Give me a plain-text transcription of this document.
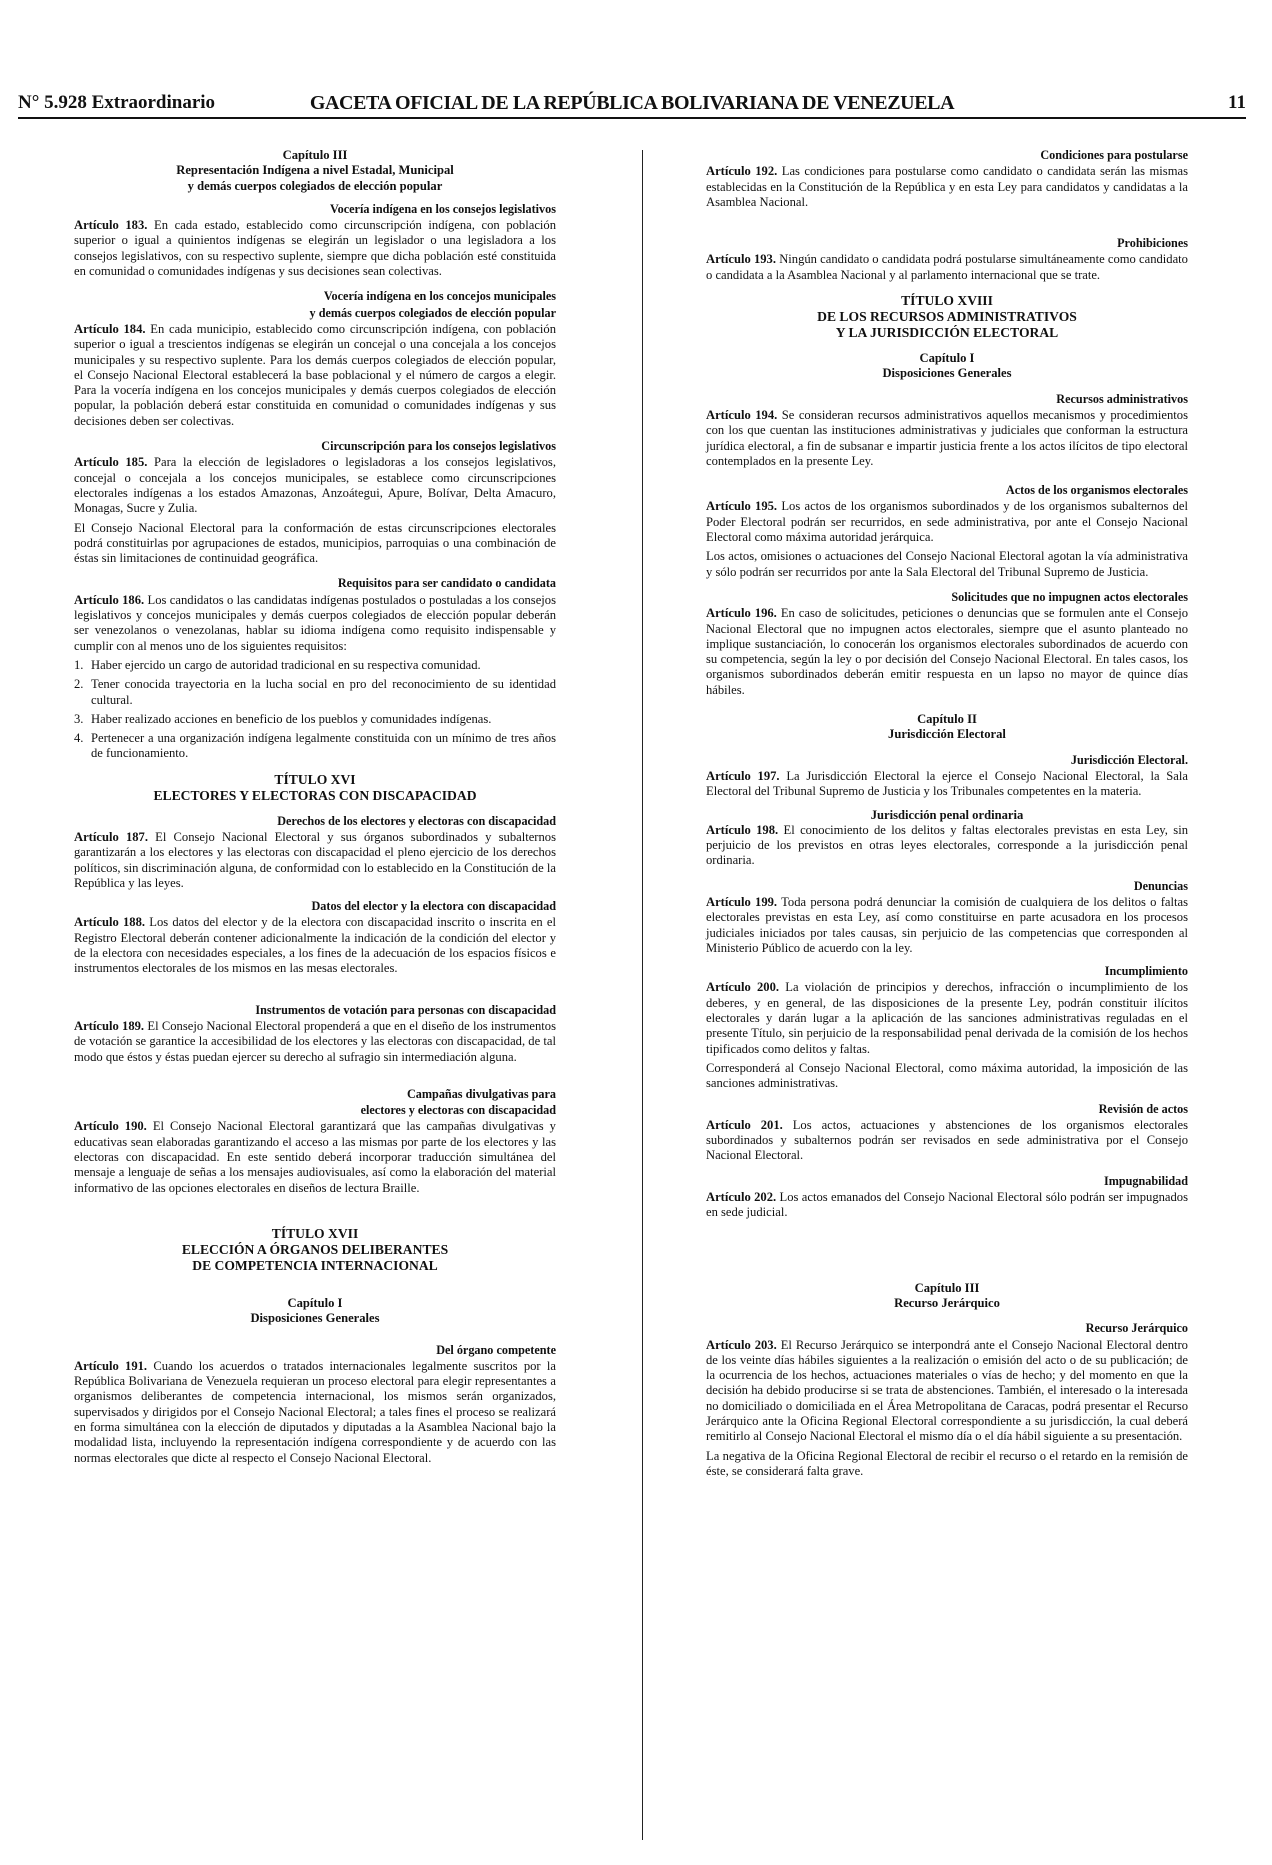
N° 5.928 Extraordinario	GACETA OFICIAL DE LA REPÚBLICA BOLIVARIANA DE VENEZUELA	11
Capítulo III
Representación Indígena a nivel Estadal, Municipal
y demás cuerpos colegiados de elección popular
Vocería indígena en los consejos legislativos
Artículo 183. En cada estado, establecido como circunscripción indígena, con población superior o igual a quinientos indígenas se elegirán un legislador o una legisladora a los consejos legislativos, con su respectivo suplente, siempre que dicha población esté constituida en comunidad o comunidades indígenas y sus decisiones sean colectivas.
Vocería indígena en los concejos municipales
y demás cuerpos colegiados de elección popular
Artículo 184. En cada municipio, establecido como circunscripción indígena, con población superior o igual a trescientos indígenas se elegirán un concejal o una concejala a los concejos municipales y su respectivo suplente. Para los demás cuerpos colegiados de elección popular, el Consejo Nacional Electoral establecerá la base poblacional y el número de cargos a elegir. Para la vocería indígena en los concejos municipales y demás cuerpos colegiados de elección popular, la población deberá estar constituida en comunidad o comunidades indígenas y sus decisiones deben ser colectivas.
Circunscripción para los consejos legislativos
Artículo 185. Para la elección de legisladores o legisladoras a los consejos legislativos, concejal o concejala a los concejos municipales, se establece como circunscripciones electorales indígenas a los estados Amazonas, Anzoátegui, Apure, Bolívar, Delta Amacuro, Monagas, Sucre y Zulia.
El Consejo Nacional Electoral para la conformación de estas circunscripciones electorales podrá constituirlas por agrupaciones de estados, municipios, parroquias o una combinación de éstas sin limitaciones de continuidad geográfica.
Requisitos para ser candidato o candidata
Artículo 186. Los candidatos o las candidatas indígenas postulados o postuladas a los consejos legislativos y concejos municipales y demás cuerpos colegiados de elección popular deberán ser venezolanos o venezolanas, hablar su idioma indígena como requisito indispensable y cumplir con al menos uno de los siguientes requisitos:
1. Haber ejercido un cargo de autoridad tradicional en su respectiva comunidad.
2. Tener conocida trayectoria en la lucha social en pro del reconocimiento de su identidad cultural.
3. Haber realizado acciones en beneficio de los pueblos y comunidades indígenas.
4. Pertenecer a una organización indígena legalmente constituida con un mínimo de tres años de funcionamiento.
TÍTULO XVI
ELECTORES Y ELECTORAS CON DISCAPACIDAD
Derechos de los electores y electoras con discapacidad
Artículo 187. El Consejo Nacional Electoral y sus órganos subordinados y subalternos garantizarán a los electores y las electoras con discapacidad el pleno ejercicio de los derechos políticos, sin discriminación alguna, de conformidad con lo establecido en la Constitución de la República y las leyes.
Datos del elector y la electora con discapacidad
Artículo 188. Los datos del elector y de la electora con discapacidad inscrito o inscrita en el Registro Electoral deberán contener adicionalmente la indicación de la condición del elector y de la electora con necesidades especiales, a los fines de la adecuación de los espacios físicos e instrumentos electorales de los mismos en las mesas electorales.
Instrumentos de votación para personas con discapacidad
Artículo 189. El Consejo Nacional Electoral propenderá a que en el diseño de los instrumentos de votación se garantice la accesibilidad de los electores y las electoras con discapacidad, de tal modo que éstos y éstas puedan ejercer su derecho al sufragio sin intermediación alguna.
Campañas divulgativas para
electores y electoras con discapacidad
Artículo 190. El Consejo Nacional Electoral garantizará que las campañas divulgativas y educativas sean elaboradas garantizando el acceso a las mismas por parte de los electores y las electoras con discapacidad. En este sentido deberá incorporar traducción simultánea del mensaje a lenguaje de señas a los mensajes audiovisuales, así como la elaboración del material informativo de las opciones electorales en diseños de lectura Braille.
TÍTULO XVII
ELECCIÓN A ÓRGANOS DELIBERANTES
DE COMPETENCIA INTERNACIONAL
Capítulo I
Disposiciones Generales
Del órgano competente
Artículo 191. Cuando los acuerdos o tratados internacionales legalmente suscritos por la República Bolivariana de Venezuela requieran un proceso electoral para elegir representantes a organismos deliberantes de competencia internacional, los mismos serán organizados, supervisados y dirigidos por el Consejo Nacional Electoral; a tales fines el proceso se realizará en forma simultánea con la elección de diputados y diputadas a la Asamblea Nacional bajo la modalidad lista, incluyendo la representación indígena correspondiente y de acuerdo con las normas electorales que dicte al respecto el Consejo Nacional Electoral.
Condiciones para postularse
Artículo 192. Las condiciones para postularse como candidato o candidata serán las mismas establecidas en la Constitución de la República y en esta Ley para candidatos y candidatas a la Asamblea Nacional.
Prohibiciones
Artículo 193. Ningún candidato o candidata podrá postularse simultáneamente como candidato o candidata a la Asamblea Nacional y al parlamento internacional que se trate.
TÍTULO XVIII
DE LOS RECURSOS ADMINISTRATIVOS
Y LA JURISDICCIÓN ELECTORAL
Capítulo I
Disposiciones Generales
Recursos administrativos
Artículo 194. Se consideran recursos administrativos aquellos mecanismos y procedimientos con los que cuentan las instituciones administrativas y judiciales que conforman la estructura jurídica electoral, a fin de subsanar e impartir justicia frente a los actos ilícitos de tipo electoral contemplados en la presente Ley.
Actos de los organismos electorales
Artículo 195. Los actos de los organismos subordinados y de los organismos subalternos del Poder Electoral podrán ser recurridos, en sede administrativa, por ante el Consejo Nacional Electoral como máxima autoridad jerárquica.
Los actos, omisiones o actuaciones del Consejo Nacional Electoral agotan la vía administrativa y sólo podrán ser recurridos por ante la Sala Electoral del Tribunal Supremo de Justicia.
Solicitudes que no impugnen actos electorales
Artículo 196. En caso de solicitudes, peticiones o denuncias que se formulen ante el Consejo Nacional Electoral que no impugnen actos electorales, siempre que el asunto planteado no implique sustanciación, lo conocerán los organismos electorales subordinados de acuerdo con su competencia, según la ley o por decisión del Consejo Nacional Electoral. En tales casos, los organismos subordinados deberán emitir respuesta en un lapso no mayor de quince días hábiles.
Capítulo II
Jurisdicción Electoral
Jurisdicción Electoral.
Artículo 197. La Jurisdicción Electoral la ejerce el Consejo Nacional Electoral, la Sala Electoral del Tribunal Supremo de Justicia y los Tribunales competentes en la materia.
Jurisdicción penal ordinaria
Artículo 198. El conocimiento de los delitos y faltas electorales previstas en esta Ley, sin perjuicio de los previstos en otras leyes electorales, corresponde a la jurisdicción penal ordinaria.
Denuncias
Artículo 199. Toda persona podrá denunciar la comisión de cualquiera de los delitos o faltas electorales previstas en esta Ley, así como constituirse en parte acusadora en los procesos judiciales iniciados por tales causas, sin perjuicio de las competencias que corresponden al Ministerio Público de acuerdo con la ley.
Incumplimiento
Artículo 200. La violación de principios y derechos, infracción o incumplimiento de los deberes, y en general, de las disposiciones de la presente Ley, podrán constituir ilícitos electorales y darán lugar a la aplicación de las sanciones administrativas reguladas en el presente Título, sin perjuicio de la responsabilidad penal derivada de la comisión de los hechos tipificados como delitos y faltas.
Corresponderá al Consejo Nacional Electoral, como máxima autoridad, la imposición de las sanciones administrativas.
Revisión de actos
Artículo 201. Los actos, actuaciones y abstenciones de los organismos electorales subordinados y subalternos podrán ser revisados en sede administrativa por el Consejo Nacional Electoral.
Impugnabilidad
Artículo 202. Los actos emanados del Consejo Nacional Electoral sólo podrán ser impugnados en sede judicial.
Capítulo III
Recurso Jerárquico
Recurso Jerárquico
Artículo 203. El Recurso Jerárquico se interpondrá ante el Consejo Nacional Electoral dentro de los veinte días hábiles siguientes a la realización o emisión del acto o de su publicación; de la ocurrencia de los hechos, actuaciones materiales o vías de hecho; y del momento en que la decisión ha debido producirse si se trata de abstenciones. También, el interesado o la interesada no domiciliado o domiciliada en el Área Metropolitana de Caracas, podrá presentar el Recurso Jerárquico ante la Oficina Regional Electoral correspondiente a su jurisdicción, la cual deberá remitirlo al Consejo Nacional Electoral el mismo día o el día hábil siguiente a su presentación.
La negativa de la Oficina Regional Electoral de recibir el recurso o el retardo en la remisión de éste, se considerará falta grave.
